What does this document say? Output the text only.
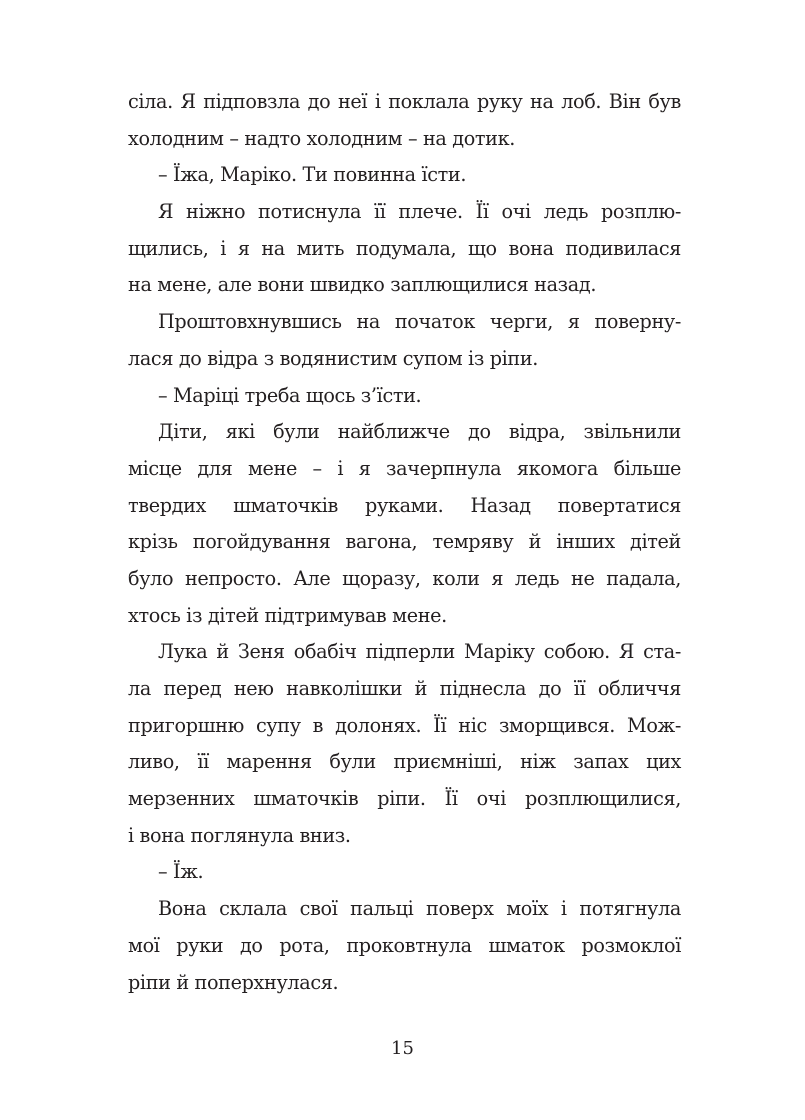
сіла. Я підповзла до неї і поклала руку на лоб. Він був
холодним – надто холодним – на дотик.
– Їжа, Маріко. Ти повинна їсти.
Я ніжно потиснула її плече. Її очі ледь розплю-
щились, і я на мить подумала, що вона подивилася
на мене, але вони швидко заплющилися назад.
Проштовхнувшись на початок черги, я поверну-
лася до відра з водянистим супом із ріпи.
– Маріці треба щось з’їсти.
Діти, які були найближче до відра, звільнили
місце для мене – і я зачерпнула якомога більше
твердих шматочків руками. Назад повертатися
крізь погойдування вагона, темряву й інших дітей
було непросто. Але щоразу, коли я ледь не падала,
хтось із дітей підтримував мене.
Лука й Зеня обабіч підперли Маріку собою. Я ста-
ла перед нею навколішки й піднесла до її обличчя
пригоршню супу в долонях. Її ніс зморщився. Мож-
ливо, її марення були приємніші, ніж запах цих
мерзенних шматочків ріпи. Її очі розплющилися,
і вона поглянула вниз.
– Їж.
Вона склала свої пальці поверх моїх і потягнула
мої руки до рота, проковтнула шматок розмоклої
ріпи й поперхнулася.
15
